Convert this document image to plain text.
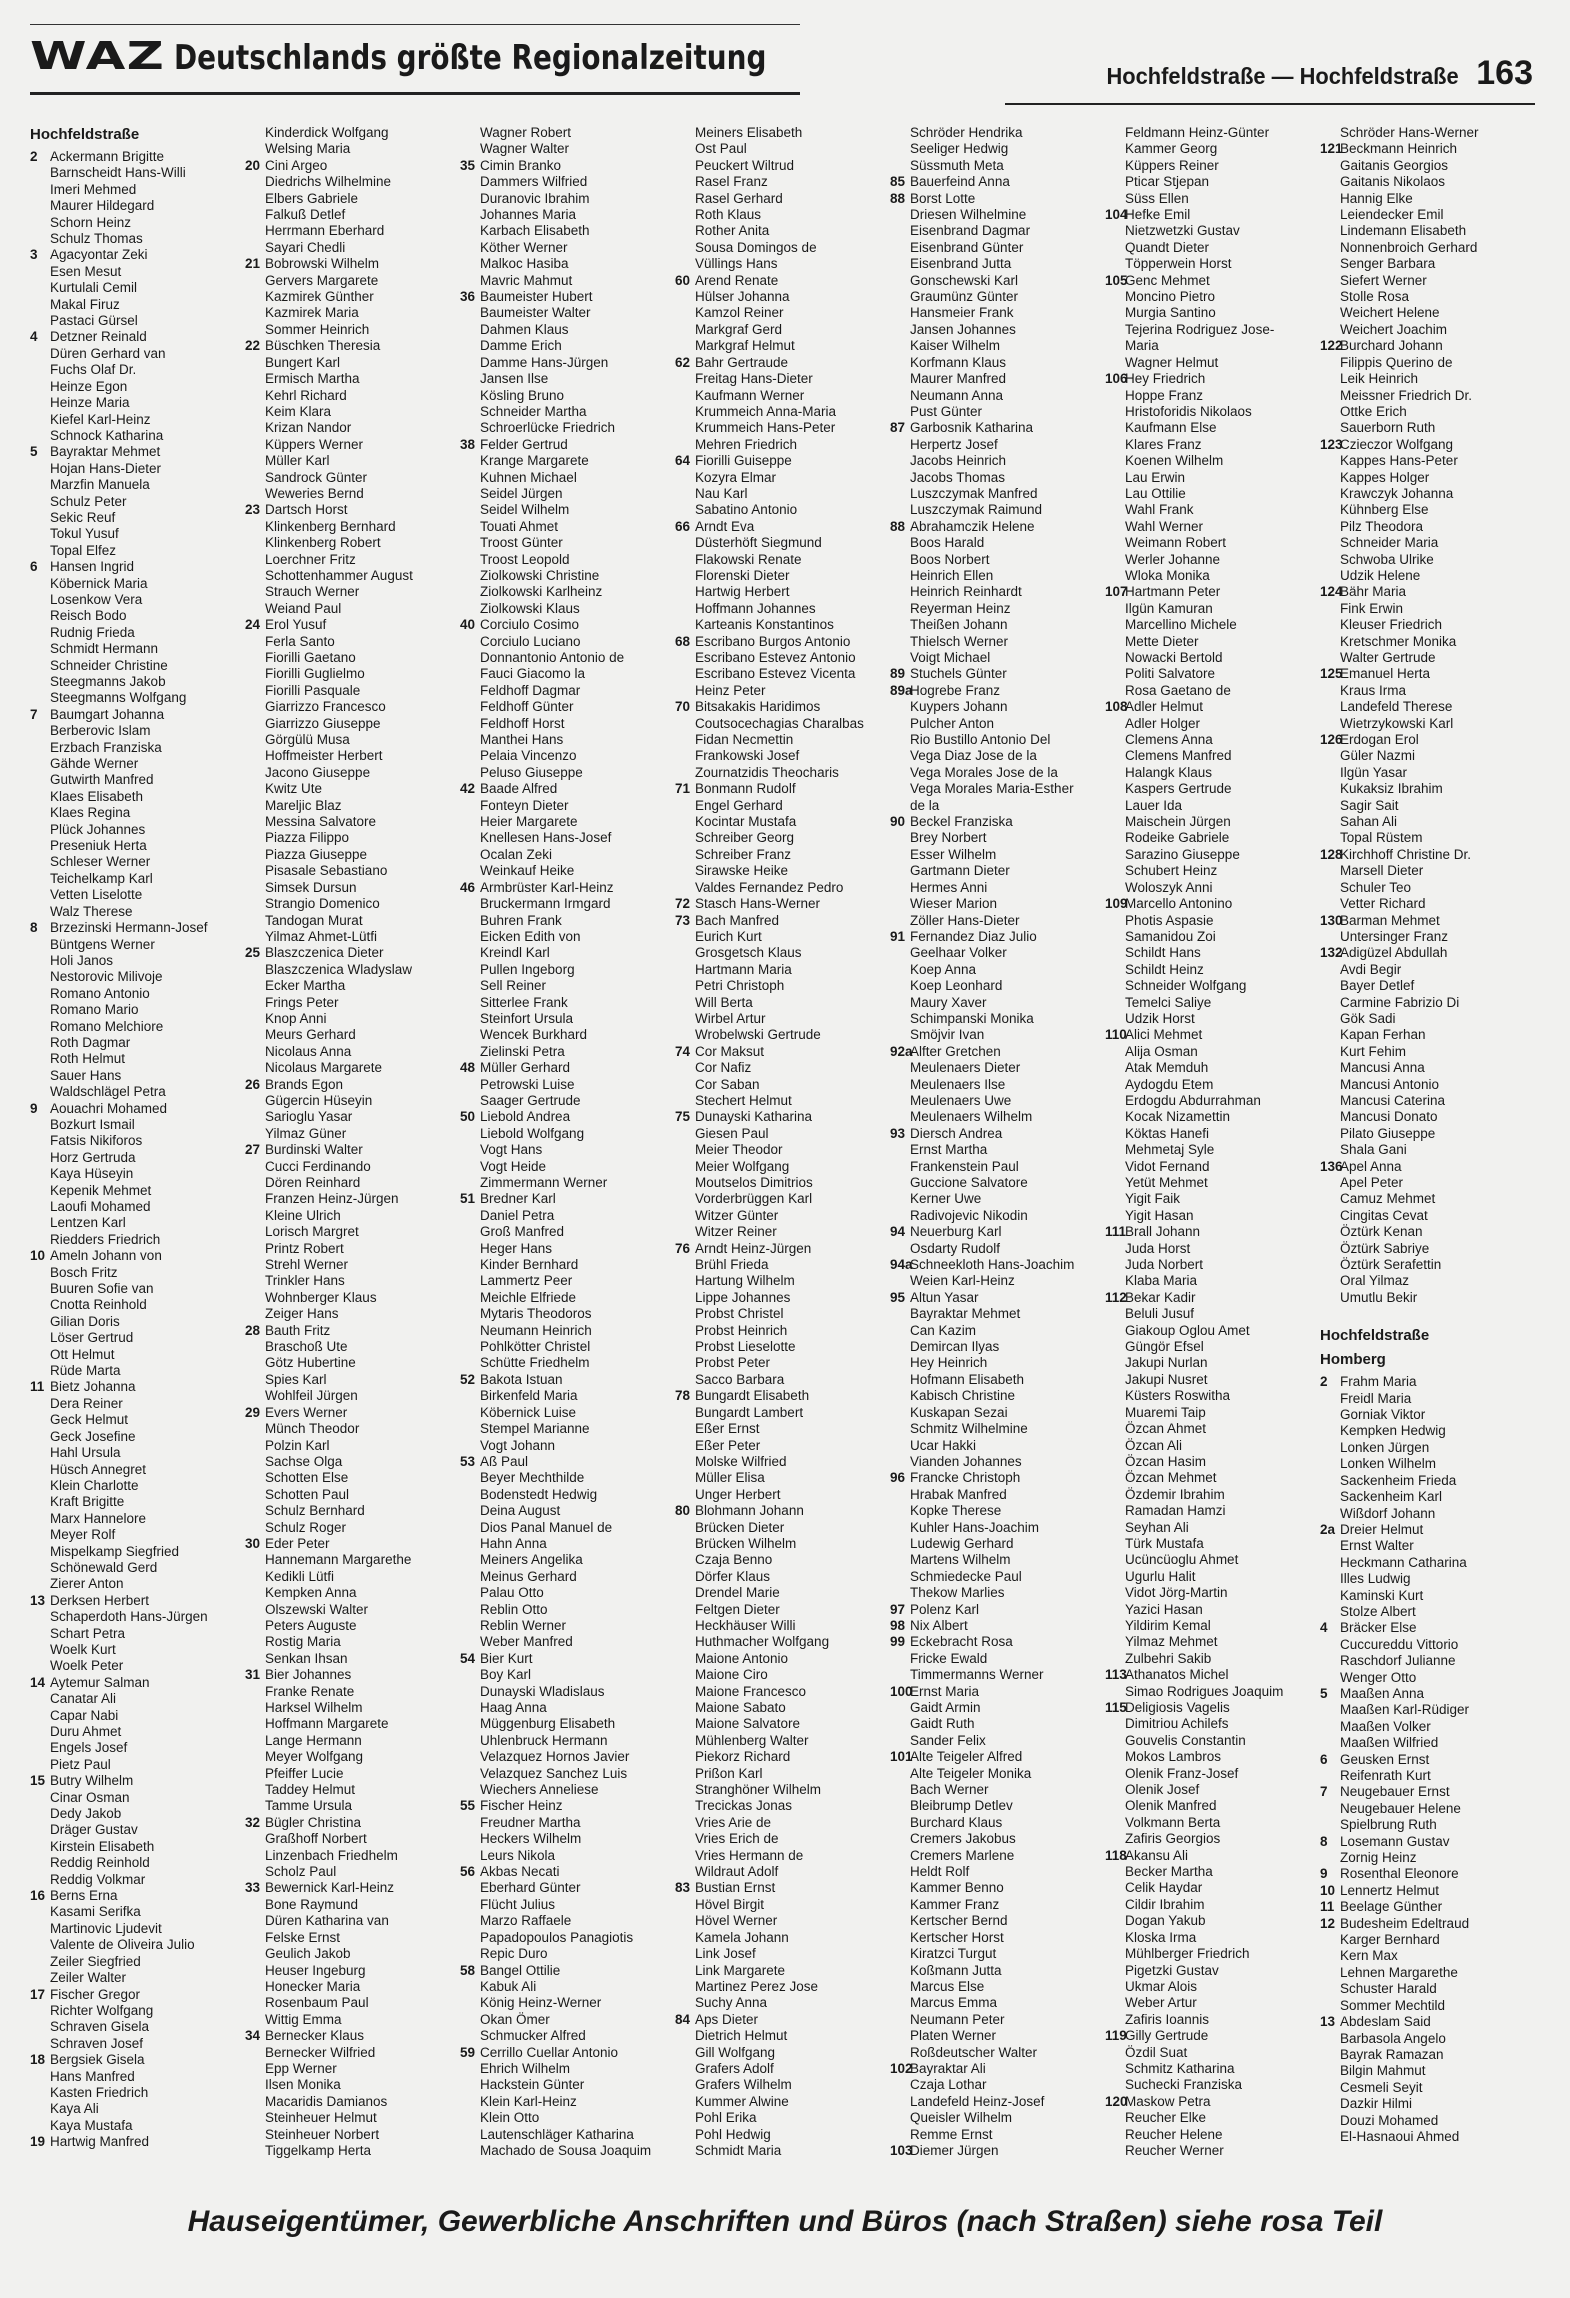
WAZ Deutschlands größte Regionalzeitung	Hochfeldstraße — Hochfeldstraße 163
Hochfeldstraße
2 Ackermann Brigitte
Barnscheidt Hans-Willi
Imeri Mehmed
Maurer Hildegard
Schorn Heinz
Schulz Thomas
3 Agacyontar Zeki
Esen Mesut
Kurtulali Cemil
Makal Firuz
Pastaci Gürsel
4 Detzner Reinald
Düren Gerhard van
Fuchs Olaf Dr.
Heinze Egon
Heinze Maria
Kiefel Karl-Heinz
Schnock Katharina
5 Bayraktar Mehmet
Hojan Hans-Dieter
Marzfin Manuela
Schulz Peter
Sekic Reuf
Tokul Yusuf
Topal Elfez
6 Hansen Ingrid
Köbernick Maria
Losenkow Vera
Reisch Bodo
Rudnig Frieda
Schmidt Hermann
Schneider Christine
Steegmanns Jakob
Steegmanns Wolfgang
7 Baumgart Johanna
Berberovic Islam
Erzbach Franziska
Gähde Werner
Gutwirth Manfred
Klaes Elisabeth
Klaes Regina
Plück Johannes
Preseniuk Herta
Schleser Werner
Teichelkamp Karl
Vetten Liselotte
Walz Therese
8 Brzezinski Hermann-Josef
Büntgens Werner
Holi Janos
Nestorovic Milivoje
Romano Antonio
Romano Mario
Romano Melchiore
Roth Dagmar
Roth Helmut
Sauer Hans
Waldschlägel Petra
9 Aouachri Mohamed
Bozkurt Ismail
Fatsis Nikiforos
Horz Gertruda
Kaya Hüseyin
Kepenik Mehmet
Laoufi Mohamed
Lentzen Karl
Riedders Friedrich
10 Ameln Johann von
Bosch Fritz
Buuren Sofie van
Cnotta Reinhold
Gilian Doris
Löser Gertrud
Ott Helmut
Rüde Marta
11 Bietz Johanna
Dera Reiner
Geck Helmut
Geck Josefine
Hahl Ursula
Hüsch Annegret
Klein Charlotte
Kraft Brigitte
Marx Hannelore
Meyer Rolf
Mispelkamp Siegfried
Schönewald Gerd
Zierer Anton
13 Derksen Herbert
Schaperdoth Hans-Jürgen
Schart Petra
Woelk Kurt
Woelk Peter
14 Aytemur Salman
Canatar Ali
Capar Nabi
Duru Ahmet
Engels Josef
Pietz Paul
15 Butry Wilhelm
Cinar Osman
Dedy Jakob
Dräger Gustav
Kirstein Elisabeth
Reddig Reinhold
Reddig Volkmar
16 Berns Erna
Kasami Serifka
Martinovic Ljudevit
Valente de Oliveira Julio
Zeiler Siegfried
Zeiler Walter
17 Fischer Gregor
Richter Wolfgang
Schraven Gisela
Schraven Josef
18 Bergsiek Gisela
Hans Manfred
Kasten Friedrich
Kaya Ali
Kaya Mustafa
19 Hartwig Manfred
Kinderdick Wolfgang
Welsing Maria
20 Cini Argeo
Diedrichs Wilhelmine
Elbers Gabriele
Falkuß Detlef
Herrmann Eberhard
Sayari Chedli
21 Bobrowski Wilhelm
Gervers Margarete
Kazmirek Günther
Kazmirek Maria
Sommer Heinrich
22 Büschken Theresia
Bungert Karl
Ermisch Martha
Kehrl Richard
Keim Klara
Krizan Nandor
Küppers Werner
Müller Karl
Sandrock Günter
Weweries Bernd
23 Dartsch Horst
Klinkenberg Bernhard
Klinkenberg Robert
Loerchner Fritz
Schottenhammer August
Strauch Werner
Weiand Paul
24 Erol Yusuf
Ferla Santo
Fiorilli Gaetano
Fiorilli Guglielmo
Fiorilli Pasquale
Giarrizzo Francesco
Giarrizzo Giuseppe
Görgülü Musa
Hoffmeister Herbert
Jacono Giuseppe
Kwitz Ute
Mareljic Blaz
Messina Salvatore
Piazza Filippo
Piazza Giuseppe
Pisasale Sebastiano
Simsek Dursun
Strangio Domenico
Tandogan Murat
Yilmaz Ahmet-Lütfi
25 Blaszczenica Dieter
Blaszczenica Wladyslaw
Ecker Martha
Frings Peter
Knop Anni
Meurs Gerhard
Nicolaus Anna
Nicolaus Margarete
26 Brands Egon
Gügercin Hüseyin
Sarioglu Yasar
Yilmaz Güner
27 Burdinski Walter
Cucci Ferdinando
Dören Reinhard
Franzen Heinz-Jürgen
Kleine Ulrich
Lorisch Margret
Printz Robert
Strehl Werner
Trinkler Hans
Wohnberger Klaus
Zeiger Hans
28 Bauth Fritz
Braschoß Ute
Götz Hubertine
Spies Karl
Wohlfeil Jürgen
29 Evers Werner
Münch Theodor
Polzin Karl
Sachse Olga
Schotten Else
Schotten Paul
Schulz Bernhard
Schulz Roger
30 Eder Peter
Hannemann Margarethe
Kedikli Lütfi
Kempken Anna
Olszewski Walter
Peters Auguste
Rostig Maria
Senkan Ihsan
31 Bier Johannes
Franke Renate
Harksel Wilhelm
Hoffmann Margarete
Lange Hermann
Meyer Wolfgang
Pfeiffer Lucie
Taddey Helmut
Tamme Ursula
32 Bügler Christina
Graßhoff Norbert
Linzenbach Friedhelm
Scholz Paul
33 Bewernick Karl-Heinz
Bone Raymund
Düren Katharina van
Felske Ernst
Geulich Jakob
Heuser Ingeburg
Honecker Maria
Rosenbaum Paul
Wittig Emma
34 Bernecker Klaus
Bernecker Wilfried
Epp Werner
Ilsen Monika
Macaridis Damianos
Steinheuer Helmut
Steinheuer Norbert
Tiggelkamp Herta
Wagner Robert
Wagner Walter
35 Cimin Branko
Dammers Wilfried
Duranovic Ibrahim
Johannes Maria
Karbach Elisabeth
Köther Werner
Malkoc Hasiba
Mavric Mahmut
36 Baumeister Hubert
Baumeister Walter
Dahmen Klaus
Damme Erich
Damme Hans-Jürgen
Jansen Ilse
Kösling Bruno
Schneider Martha
Schroerlücke Friedrich
38 Felder Gertrud
Krange Margarete
Kuhnen Michael
Seidel Jürgen
Seidel Wilhelm
Touati Ahmet
Troost Günter
Troost Leopold
Ziolkowski Christine
Ziolkowski Karlheinz
Ziolkowski Klaus
40 Corciulo Cosimo
Corciulo Luciano
Donnantonio Antonio de
Fauci Giacomo la
Feldhoff Dagmar
Feldhoff Günter
Feldhoff Horst
Manthei Hans
Pelaia Vincenzo
Peluso Giuseppe
42 Baade Alfred
Fonteyn Dieter
Heier Margarete
Knellesen Hans-Josef
Ocalan Zeki
Weinkauf Heike
46 Armbrüster Karl-Heinz
Bruckermann Irmgard
Buhren Frank
Eicken Edith von
Kreindl Karl
Pullen Ingeborg
Sell Reiner
Sitterlee Frank
Steinfort Ursula
Wencek Burkhard
Zielinski Petra
48 Müller Gerhard
Petrowski Luise
Saager Gertrude
50 Liebold Andrea
Liebold Wolfgang
Vogt Hans
Vogt Heide
Zimmermann Werner
51 Bredner Karl
Daniel Petra
Groß Manfred
Heger Hans
Kinder Bernhard
Lammertz Peer
Meichle Elfriede
Mytaris Theodoros
Neumann Heinrich
Pohlkötter Christel
Schütte Friedhelm
52 Bakota Istuan
Birkenfeld Maria
Köbernick Luise
Stempel Marianne
Vogt Johann
53 Aß Paul
Beyer Mechthilde
Bodenstedt Hedwig
Deina August
Dios Panal Manuel de
Hahn Anna
Meiners Angelika
Meinus Gerhard
Palau Otto
Reblin Otto
Reblin Werner
Weber Manfred
54 Bier Kurt
Boy Karl
Dunayski Wladislaus
Haag Anna
Müggenburg Elisabeth
Uhlenbruck Hermann
Velazquez Hornos Javier
Velazquez Sanchez Luis
Wiechers Anneliese
55 Fischer Heinz
Freudner Martha
Heckers Wilhelm
Leurs Nikola
56 Akbas Necati
Eberhard Günter
Flücht Julius
Marzo Raffaele
Papadopoulos Panagiotis
Repic Duro
58 Bangel Ottilie
Kabuk Ali
König Heinz-Werner
Okan Ömer
Schmucker Alfred
59 Cerrillo Cuellar Antonio
Ehrich Wilhelm
Hackstein Günter
Klein Karl-Heinz
Klein Otto
Lautenschläger Katharina
Machado de Sousa Joaquim
Meiners Elisabeth
Ost Paul
Peuckert Wiltrud
Rasel Franz
Rasel Gerhard
Roth Klaus
Rother Anita
Sousa Domingos de
Vüllings Hans
60 Arend Renate
Hülser Johanna
Kamzol Reiner
Markgraf Gerd
Markgraf Helmut
62 Bahr Gertraude
Freitag Hans-Dieter
Kaufmann Werner
Krummeich Anna-Maria
Krummeich Hans-Peter
Mehren Friedrich
64 Fiorilli Guiseppe
Kozyra Elmar
Nau Karl
Sabatino Antonio
66 Arndt Eva
Düsterhöft Siegmund
Flakowski Renate
Florenski Dieter
Hartwig Herbert
Hoffmann Johannes
Karteanis Konstantinos
68 Escribano Burgos Antonio
Escribano Estevez Antonio
Escribano Estevez Vicenta
Heinz Peter
70 Bitsakakis Haridimos
Coutsocechagias Charalbas
Fidan Necmettin
Frankowski Josef
Zournatzidis Theocharis
71 Bonmann Rudolf
Engel Gerhard
Kocintar Mustafa
Schreiber Georg
Schreiber Franz
Sirawske Heike
Valdes Fernandez Pedro
72 Stasch Hans-Werner
73 Bach Manfred
Eurich Kurt
Grosgetsch Klaus
Hartmann Maria
Petri Christoph
Will Berta
Wirbel Artur
Wrobelwski Gertrude
74 Cor Maksut
Cor Nafiz
Cor Saban
Stechert Helmut
75 Dunayski Katharina
Giesen Paul
Meier Theodor
Meier Wolfgang
Moutselos Dimitrios
Vorderbrüggen Karl
Witzer Günter
Witzer Reiner
76 Arndt Heinz-Jürgen
Brühl Frieda
Hartung Wilhelm
Lippe Johannes
Probst Christel
Probst Heinrich
Probst Lieselotte
Probst Peter
Sacco Barbara
78 Bungardt Elisabeth
Bungardt Lambert
Eßer Ernst
Eßer Peter
Molske Wilfried
Müller Elisa
Unger Herbert
80 Blohmann Johann
Brücken Dieter
Brücken Wilhelm
Czaja Benno
Dörfer Klaus
Drendel Marie
Feltgen Dieter
Heckhäuser Willi
Huthmacher Wolfgang
Maione Antonio
Maione Ciro
Maione Francesco
Maione Sabato
Maione Salvatore
Mühlenberg Walter
Piekorz Richard
Prißon Karl
Stranghöner Wilhelm
Trecickas Jonas
Vries Arie de
Vries Erich de
Vries Hermann de
Wildraut Adolf
83 Bustian Ernst
Hövel Birgit
Hövel Werner
Kamela Johann
Link Josef
Link Margarete
Martinez Perez Jose
Suchy Anna
84 Aps Dieter
Dietrich Helmut
Gill Wolfgang
Grafers Adolf
Grafers Wilhelm
Kummer Alwine
Pohl Erika
Pohl Hedwig
Schmidt Maria
Schröder Hendrika
Seeliger Hedwig
Süssmuth Meta
85 Bauerfeind Anna
88 Borst Lotte
Driesen Wilhelmine
Eisenbrand Dagmar
Eisenbrand Günter
Eisenbrand Jutta
Gonschewski Karl
Graumünz Günter
Hansmeier Frank
Jansen Johannes
Kaiser Wilhelm
Korfmann Klaus
Maurer Manfred
Neumann Anna
Pust Günter
87 Garbosnik Katharina
Herpertz Josef
Jacobs Heinrich
Jacobs Thomas
Luszczymak Manfred
Luszczymak Raimund
88 Abrahamczik Helene
Boos Harald
Boos Norbert
Heinrich Ellen
Heinrich Reinhardt
Reyerman Heinz
Theißen Johann
Thielsch Werner
Voigt Michael
89 Stuchels Günter
89a
Hogrebe Franz
Kuypers Johann
Pulcher Anton
Rio Bustillo Antonio Del
Vega Diaz Jose de la
Vega Morales Jose de la
Vega Morales Maria-Esther
de la
90 Beckel Franziska
Brey Norbert
Esser Wilhelm
Gartmann Dieter
Hermes Anni
Wieser Marion
Zöller Hans-Dieter
91 Fernandez Diaz Julio
Geelhaar Volker
Koep Anna
Koep Leonhard
Maury Xaver
Schimpanski Monika
Smöjvir Ivan
92a
Alfter Gretchen
Meulenaers Dieter
Meulenaers Ilse
Meulenaers Uwe
Meulenaers Wilhelm
93 Diersch Andrea
Ernst Martha
Frankenstein Paul
Guccione Salvatore
Kerner Uwe
Radivojevic Nikodin
94 Neuerburg Karl
Osdarty Rudolf
94a
Schneekloth Hans-Joachim
Weien Karl-Heinz
95 Altun Yasar
Bayraktar Mehmet
Can Kazim
Demircan Ilyas
Hey Heinrich
Hofmann Elisabeth
Kabisch Christine
Kuskapan Sezai
Schmitz Wilhelmine
Ucar Hakki
Vianden Johannes
96 Francke Christoph
Hrabak Manfred
Kopke Therese
Kuhler Hans-Joachim
Ludewig Gerhard
Martens Wilhelm
Schmiedecke Paul
Thekow Marlies
97 Polenz Karl
98 Nix Albert
99 Eckebracht Rosa
Fricke Ewald
Timmermanns Werner
100
Ernst Maria
Gaidt Armin
Gaidt Ruth
Sander Felix
101
Alte Teigeler Alfred
Alte Teigeler Monika
Bach Werner
Bleibrump Detlev
Burchard Klaus
Cremers Jakobus
Cremers Marlene
Heldt Rolf
Kammer Benno
Kammer Franz
Kertscher Bernd
Kertscher Horst
Kiratzci Turgut
Koßmann Jutta
Marcus Else
Marcus Emma
Neumann Peter
Platen Werner
Roßdeutscher Walter
102
Bayraktar Ali
Czaja Lothar
Landefeld Heinz-Josef
Queisler Wilhelm
Remme Ernst
103
Diemer Jürgen
Feldmann Heinz-Günter
Kammer Georg
Küppers Reiner
Pticar Stjepan
Süss Ellen
104
Hefke Emil
Nietzwetzki Gustav
Quandt Dieter
Töpperwein Horst
105
Genc Mehmet
Moncino Pietro
Murgia Santino
Tejerina Rodriguez Jose-
Maria
Wagner Helmut
106
Hey Friedrich
Hoppe Franz
Hristoforidis Nikolaos
Kaufmann Else
Klares Franz
Koenen Wilhelm
Lau Erwin
Lau Ottilie
Wahl Frank
Wahl Werner
Weimann Robert
Werler Johanne
Wloka Monika
107
Hartmann Peter
Ilgün Kamuran
Marcellino Michele
Mette Dieter
Nowacki Bertold
Politi Salvatore
Rosa Gaetano de
108
Adler Helmut
Adler Holger
Clemens Anna
Clemens Manfred
Halangk Klaus
Kaspers Gertrude
Lauer Ida
Maischein Jürgen
Rodeike Gabriele
Sarazino Giuseppe
Schubert Heinz
Woloszyk Anni
109
Marcello Antonino
Photis Aspasie
Samanidou Zoi
Schildt Hans
Schildt Heinz
Schneider Wolfgang
Temelci Saliye
Udzik Horst
110
Alici Mehmet
Alija Osman
Atak Memduh
Aydogdu Etem
Erdogdu Abdurrahman
Kocak Nizamettin
Köktas Hanefi
Mehmetaj Syle
Vidot Fernand
Yetüt Mehmet
Yigit Faik
Yigit Hasan
111
Brall Johann
Juda Horst
Juda Norbert
Klaba Maria
112
Bekar Kadir
Beluli Jusuf
Giakoup Oglou Amet
Güngör Efsel
Jakupi Nurlan
Jakupi Nusret
Küsters Roswitha
Muaremi Taip
Özcan Ahmet
Özcan Ali
Özcan Hasim
Özcan Mehmet
Özdemir Ibrahim
Ramadan Hamzi
Seyhan Ali
Türk Mustafa
Ucüncüoglu Ahmet
Ugurlu Halit
Vidot Jörg-Martin
Yazici Hasan
Yildirim Kemal
Yilmaz Mehmet
Zulbehri Sakib
113
Athanatos Michel
Simao Rodrigues Joaquim
115
Deligiosis Vagelis
Dimitriou Achilefs
Gouvelis Constantin
Mokos Lambros
Olenik Franz-Josef
Olenik Josef
Olenik Manfred
Volkmann Berta
Zafiris Georgios
118
Akansu Ali
Becker Martha
Celik Haydar
Cildir Ibrahim
Dogan Yakub
Kloska Irma
Mühlberger Friedrich
Pigetzki Gustav
Ukmar Alois
Weber Artur
Zafiris Ioannis
119
Gilly Gertrude
Özdil Suat
Schmitz Katharina
Suchecki Franziska
120
Maskow Petra
Reucher Elke
Reucher Helene
Reucher Werner
Schröder Hans-Werner
121
Beckmann Heinrich
Gaitanis Georgios
Gaitanis Nikolaos
Hannig Elke
Leiendecker Emil
Lindemann Elisabeth
Nonnenbroich Gerhard
Senger Barbara
Siefert Werner
Stolle Rosa
Weichert Helene
Weichert Joachim
122
Burchard Johann
Filippis Querino de
Leik Heinrich
Meissner Friedrich Dr.
Ottke Erich
Sauerborn Ruth
123
Czieczor Wolfgang
Kappes Hans-Peter
Kappes Holger
Krawczyk Johanna
Kühnberg Else
Pilz Theodora
Schneider Maria
Schwoba Ulrike
Udzik Helene
124
Bähr Maria
Fink Erwin
Kleuser Friedrich
Kretschmer Monika
Walter Gertrude
125
Emanuel Herta
Kraus Irma
Landefeld Therese
Wietrzykowski Karl
126
Erdogan Erol
Güler Nazmi
Ilgün Yasar
Kukaksiz Ibrahim
Sagir Sait
Sahan Ali
Topal Rüstem
128
Kirchhoff Christine Dr.
Marsell Dieter
Schuler Teo
Vetter Richard
130
Barman Mehmet
Untersinger Franz
132
Adigüzel Abdullah
Avdi Begir
Bayer Detlef
Carmine Fabrizio Di
Gök Sadi
Kapan Ferhan
Kurt Fehim
Mancusi Anna
Mancusi Antonio
Mancusi Caterina
Mancusi Donato
Pilato Giuseppe
Shala Gani
136
Apel Anna
Apel Peter
Camuz Mehmet
Cingitas Cevat
Öztürk Kenan
Öztürk Sabriye
Öztürk Serafettin
Oral Yilmaz
Umutlu Bekir
Hochfeldstraße
Homberg
2 Frahm Maria
Freidl Maria
Gorniak Viktor
Kempken Hedwig
Lonken Jürgen
Lonken Wilhelm
Sackenheim Frieda
Sackenheim Karl
Wißdorf Johann
2a Dreier Helmut
Ernst Walter
Heckmann Catharina
Illes Ludwig
Kaminski Kurt
Stolze Albert
4 Bräcker Else
Cuccureddu Vittorio
Raschdorf Julianne
Wenger Otto
5 Maaßen Anna
Maaßen Karl-Rüdiger
Maaßen Volker
Maaßen Wilfried
6 Geusken Ernst
Reifenrath Kurt
7 Neugebauer Ernst
Neugebauer Helene
Spielbrung Ruth
8 Losemann Gustav
Zornig Heinz
9 Rosenthal Eleonore
10 Lennertz Helmut
11 Beelage Günther
12 Budesheim Edeltraud
Karger Bernhard
Kern Max
Lehnen Margarethe
Schuster Harald
Sommer Mechtild
13 Abdeslam Said
Barbasola Angelo
Bayrak Ramazan
Bilgin Mahmut
Cesmeli Seyit
Dazkir Hilmi
Douzi Mohamed
El-Hasnaoui Ahmed
Hauseigentümer, Gewerbliche Anschriften und Büros (nach Straßen) siehe rosa Teil
